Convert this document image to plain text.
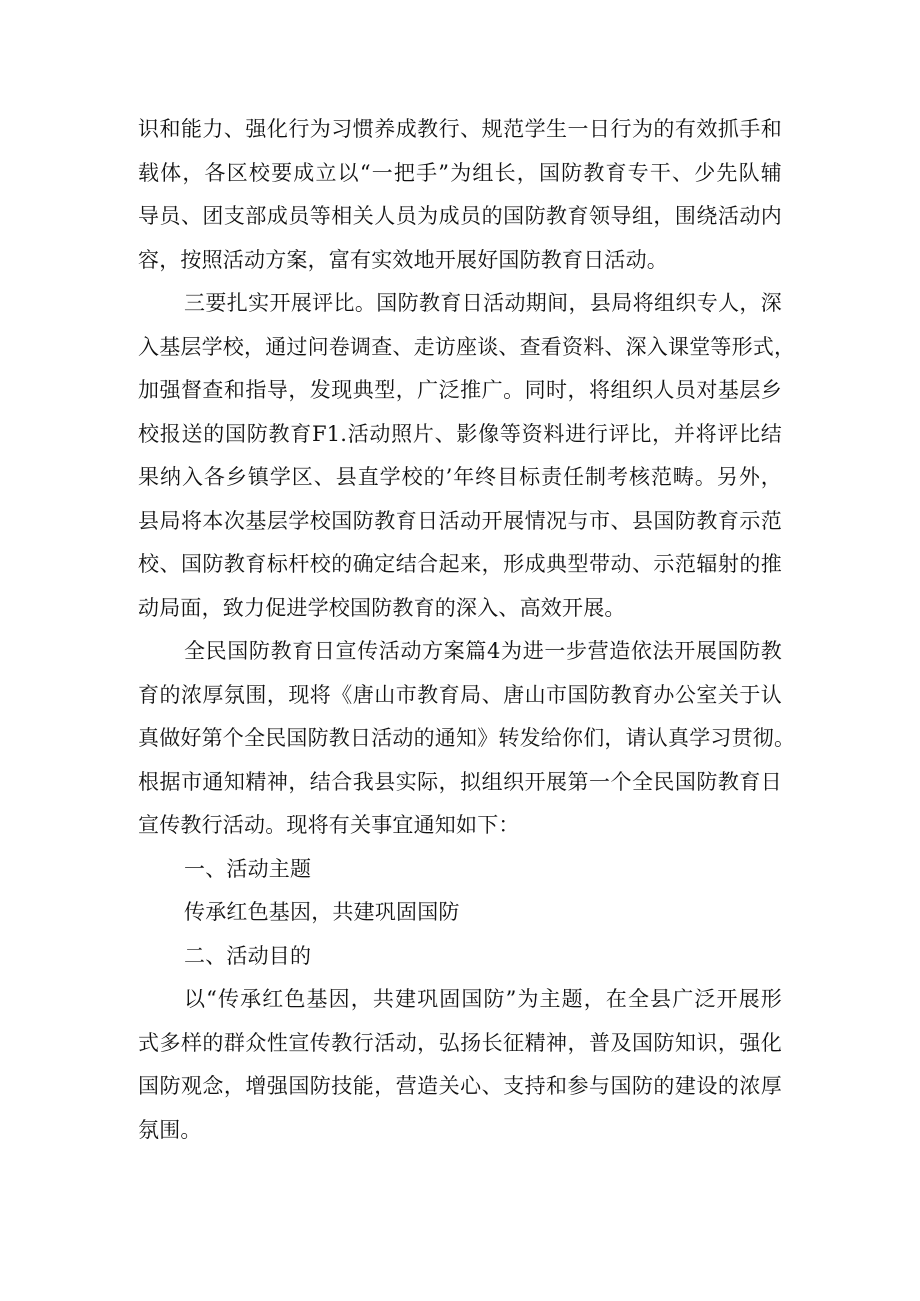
识和能力、强化行为习惯养成教行、规范学生一日行为的有效抓手和
载体，各区校要成立以“一把手”为组长，国防教育专干、少先队辅
导员、团支部成员等相关人员为成员的国防教育领导组，围绕活动内
容，按照活动方案，富有实效地开展好国防教育日活动。
三要扎实开展评比。国防教育日活动期间，县局将组织专人，深
入基层学校，通过问卷调查、走访座谈、查看资料、深入课堂等形式，
加强督查和指导，发现典型，广泛推广。同时，将组织人员对基层乡
校报送的国防教育F1.活动照片、影像等资料进行评比，并将评比结
果纳入各乡镇学区、县直学校的’年终目标责任制考核范畴。另外，
县局将本次基层学校国防教育日活动开展情况与市、县国防教育示范
校、国防教育标杆校的确定结合起来，形成典型带动、示范辐射的推
动局面，致力促进学校国防教育的深入、高效开展。
全民国防教育日宣传活动方案篇4为进一步营造依法开展国防教
育的浓厚氛围，现将《唐山市教育局、唐山市国防教育办公室关于认
真做好第个全民国防教日活动的通知》转发给你们，请认真学习贯彻。
根据市通知精神，结合我县实际，拟组织开展第一个全民国防教育日
宣传教行活动。现将有关事宜通知如下：
一、活动主题
传承红色基因，共建巩固国防
二、活动目的
以“传承红色基因，共建巩固国防”为主题，在全县广泛开展形
式多样的群众性宣传教行活动，弘扬长征精神，普及国防知识，强化
国防观念，增强国防技能，营造关心、支持和参与国防的建设的浓厚
氛围。
